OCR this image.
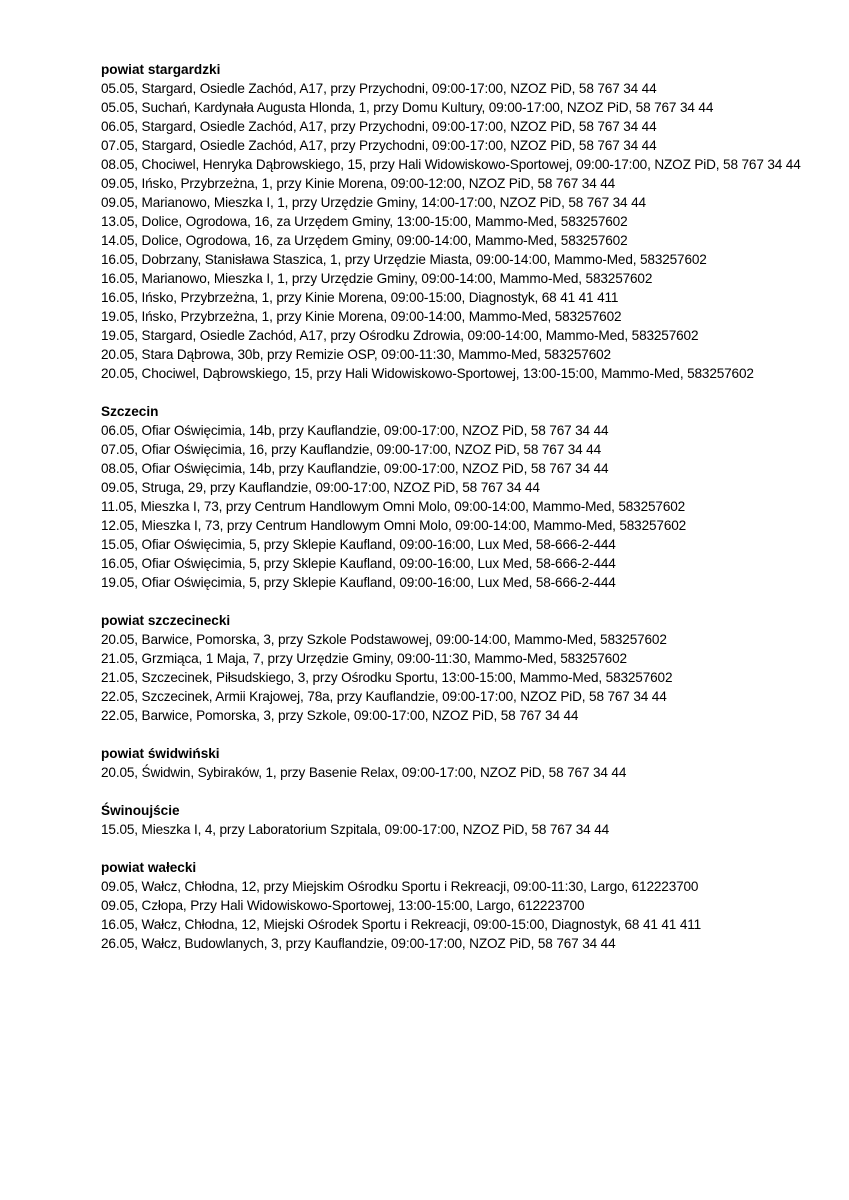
powiat stargardzki
05.05, Stargard, Osiedle Zachód, A17, przy Przychodni, 09:00-17:00, NZOZ PiD, 58 767 34 44
05.05, Suchań, Kardynała Augusta Hlonda, 1, przy Domu Kultury, 09:00-17:00, NZOZ PiD, 58 767 34 44
06.05, Stargard, Osiedle Zachód, A17, przy Przychodni, 09:00-17:00, NZOZ PiD, 58 767 34 44
07.05, Stargard, Osiedle Zachód, A17, przy Przychodni, 09:00-17:00, NZOZ PiD, 58 767 34 44
08.05, Chociwel, Henryka Dąbrowskiego, 15, przy Hali Widowiskowo-Sportowej, 09:00-17:00, NZOZ PiD, 58 767 34 44
09.05, Ińsko, Przybrzeżna, 1, przy Kinie Morena, 09:00-12:00, NZOZ PiD, 58 767 34 44
09.05, Marianowo, Mieszka I, 1, przy Urzędzie Gminy, 14:00-17:00, NZOZ PiD, 58 767 34 44
13.05, Dolice, Ogrodowa, 16, za Urzędem Gminy, 13:00-15:00, Mammo-Med, 583257602
14.05, Dolice, Ogrodowa, 16, za Urzędem Gminy, 09:00-14:00, Mammo-Med, 583257602
16.05, Dobrzany, Stanisława Staszica, 1, przy Urzędzie Miasta, 09:00-14:00, Mammo-Med, 583257602
16.05, Marianowo, Mieszka I, 1, przy Urzędzie Gminy, 09:00-14:00, Mammo-Med, 583257602
16.05, Ińsko, Przybrzeżna, 1, przy Kinie Morena, 09:00-15:00, Diagnostyk, 68 41 41 411
19.05, Ińsko, Przybrzeżna, 1, przy Kinie Morena, 09:00-14:00, Mammo-Med, 583257602
19.05, Stargard, Osiedle Zachód, A17, przy Ośrodku Zdrowia, 09:00-14:00, Mammo-Med, 583257602
20.05, Stara Dąbrowa, 30b, przy Remizie OSP, 09:00-11:30, Mammo-Med, 583257602
20.05, Chociwel, Dąbrowskiego, 15, przy Hali Widowiskowo-Sportowej, 13:00-15:00, Mammo-Med, 583257602
Szczecin
06.05, Ofiar Oświęcimia, 14b, przy Kauflandzie, 09:00-17:00, NZOZ PiD, 58 767 34 44
07.05, Ofiar Oświęcimia, 16, przy Kauflandzie, 09:00-17:00, NZOZ PiD, 58 767 34 44
08.05, Ofiar Oświęcimia, 14b, przy Kauflandzie, 09:00-17:00, NZOZ PiD, 58 767 34 44
09.05, Struga, 29, przy Kauflandzie, 09:00-17:00, NZOZ PiD, 58 767 34 44
11.05, Mieszka I, 73, przy Centrum Handlowym Omni Molo, 09:00-14:00, Mammo-Med, 583257602
12.05, Mieszka I, 73, przy Centrum Handlowym Omni Molo, 09:00-14:00, Mammo-Med, 583257602
15.05, Ofiar Oświęcimia, 5, przy Sklepie Kaufland, 09:00-16:00, Lux Med, 58-666-2-444
16.05, Ofiar Oświęcimia, 5, przy Sklepie Kaufland, 09:00-16:00, Lux Med, 58-666-2-444
19.05, Ofiar Oświęcimia, 5, przy Sklepie Kaufland, 09:00-16:00, Lux Med, 58-666-2-444
powiat szczecinecki
20.05, Barwice, Pomorska, 3, przy Szkole Podstawowej, 09:00-14:00, Mammo-Med, 583257602
21.05, Grzmiąca, 1 Maja, 7, przy Urzędzie Gminy, 09:00-11:30, Mammo-Med, 583257602
21.05, Szczecinek, Piłsudskiego, 3, przy Ośrodku Sportu, 13:00-15:00, Mammo-Med, 583257602
22.05, Szczecinek, Armii Krajowej, 78a, przy Kauflandzie, 09:00-17:00, NZOZ PiD, 58 767 34 44
22.05, Barwice, Pomorska, 3, przy Szkole, 09:00-17:00, NZOZ PiD, 58 767 34 44
powiat świdwiński
20.05, Świdwin, Sybiraków, 1, przy Basenie Relax, 09:00-17:00, NZOZ PiD, 58 767 34 44
Świnoujście
15.05, Mieszka I, 4, przy Laboratorium Szpitala, 09:00-17:00, NZOZ PiD, 58 767 34 44
powiat wałecki
09.05, Wałcz, Chłodna, 12, przy Miejskim Ośrodku Sportu i Rekreacji, 09:00-11:30, Largo, 612223700
09.05, Człopa, Przy Hali Widowiskowo-Sportowej, 13:00-15:00, Largo, 612223700
16.05, Wałcz, Chłodna, 12, Miejski Ośrodek Sportu i Rekreacji, 09:00-15:00, Diagnostyk, 68 41 41 411
26.05, Wałcz, Budowlanych, 3, przy Kauflandzie, 09:00-17:00, NZOZ PiD, 58 767 34 44
